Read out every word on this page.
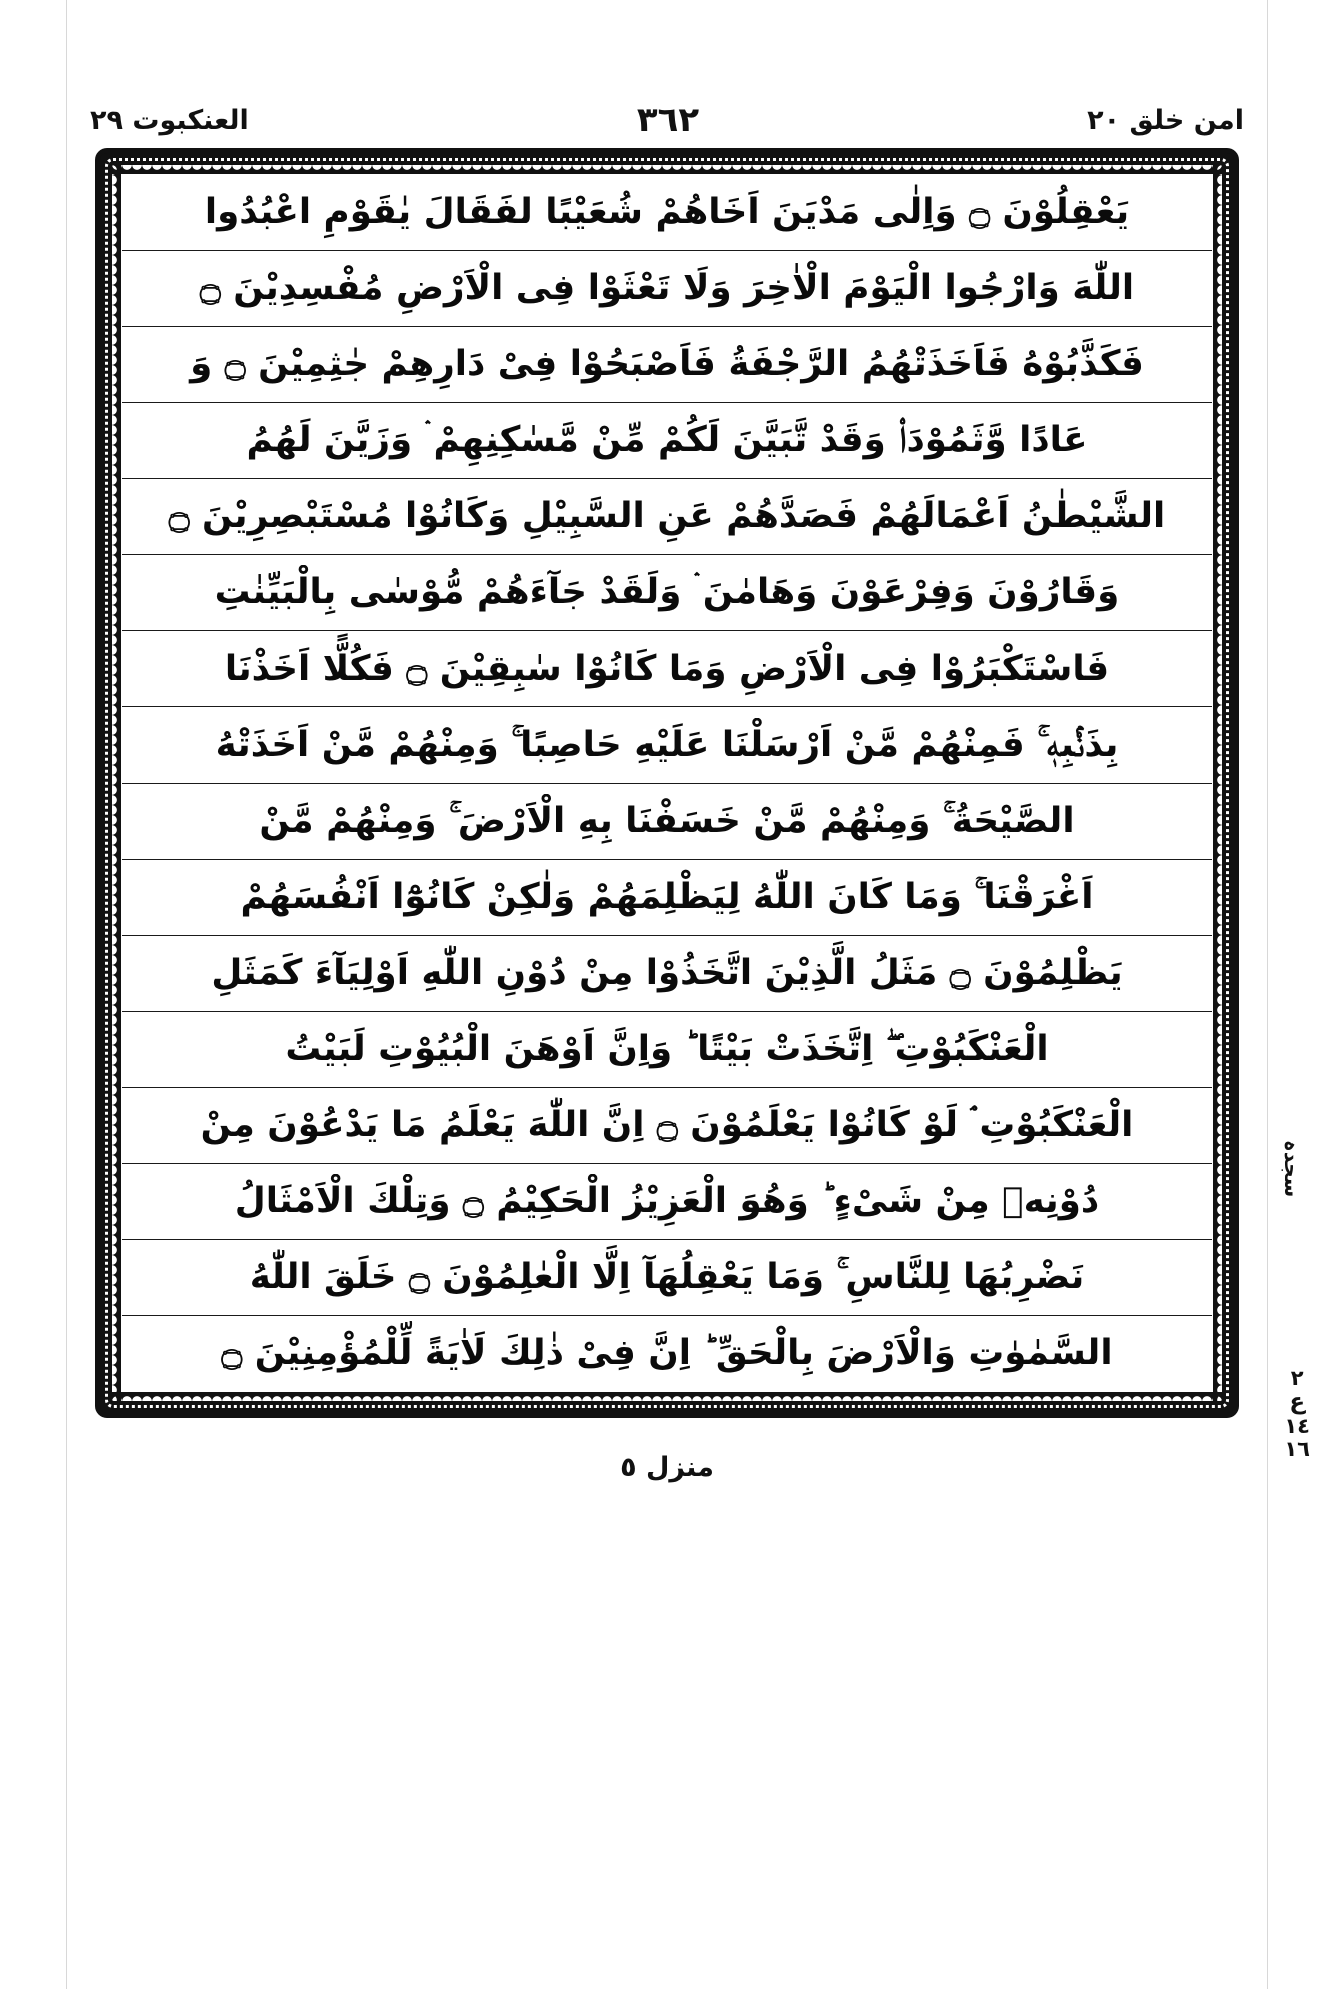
امن خلق ٢٠
٣٦٢
العنكبوت ٢٩
يَعْقِلُوْنَ ۝ وَاِلٰى مَدْيَنَ اَخَاهُمْ شُعَيْبًا لفَقَالَ يٰقَوْمِ اعْبُدُوا
اللّٰهَ وَارْجُوا الْيَوْمَ الْاٰخِرَ وَلَا تَعْثَوْا فِى الْاَرْضِ مُفْسِدِيْنَ ۝
فَكَذَّبُوْهُ فَاَخَذَتْهُمُ الرَّجْفَةُ فَاَصْبَحُوْا فِىْ دَارِهِمْ جٰثِمِيْنَ ۝ وَ
عَادًا وَّثَمُوْدَا۟ وَقَدْ تَّبَيَّنَ لَكُمْ مِّنْ مَّسٰكِنِهِمْ ۛ وَزَيَّنَ لَهُمُ
الشَّيْطٰنُ اَعْمَالَهُمْ فَصَدَّهُمْ عَنِ السَّبِيْلِ وَكَانُوْا مُسْتَبْصِرِيْنَ ۝
وَقَارُوْنَ وَفِرْعَوْنَ وَهَامٰنَ ۛ وَلَقَدْ جَآءَهُمْ مُّوْسٰى بِالْبَيِّنٰتِ
فَاسْتَكْبَرُوْا فِى الْاَرْضِ وَمَا كَانُوْا سٰبِقِيْنَ ۝ فَكُلًّا اَخَذْنَا
بِذَنْۢبِهٖ ۚ فَمِنْهُمْ مَّنْ اَرْسَلْنَا عَلَيْهِ حَاصِبًا ۚ وَمِنْهُمْ مَّنْ اَخَذَتْهُ
الصَّيْحَةُ ۚ وَمِنْهُمْ مَّنْ خَسَفْنَا بِهِ الْاَرْضَ ۚ وَمِنْهُمْ مَّنْ
اَغْرَقْنَا ۚ وَمَا كَانَ اللّٰهُ لِيَظْلِمَهُمْ وَلٰكِنْ كَانُوْٓا اَنْفُسَهُمْ
يَظْلِمُوْنَ ۝ مَثَلُ الَّذِيْنَ اتَّخَذُوْا مِنْ دُوْنِ اللّٰهِ اَوْلِيَآءَ كَمَثَلِ
الْعَنْكَبُوْتِ ۖ اِتَّخَذَتْ بَيْتًا ؕ وَاِنَّ اَوْهَنَ الْبُيُوْتِ لَبَيْتُ
الْعَنْكَبُوْتِ ۘ لَوْ كَانُوْا يَعْلَمُوْنَ ۝ اِنَّ اللّٰهَ يَعْلَمُ مَا يَدْعُوْنَ مِنْ
دُوْنِهٖ مِنْ شَىْءٍ ؕ وَهُوَ الْعَزِيْزُ الْحَكِيْمُ ۝ وَتِلْكَ الْاَمْثَالُ
نَضْرِبُهَا لِلنَّاسِ ۚ وَمَا يَعْقِلُهَآ اِلَّا الْعٰلِمُوْنَ ۝ خَلَقَ اللّٰهُ
السَّمٰوٰتِ وَالْاَرْضَ بِالْحَقِّ ؕ اِنَّ فِىْ ذٰلِكَ لَاٰيَةً لِّلْمُؤْمِنِيْنَ ۝
سجدہ
٢
ع
١٤
١٦
منزل ٥
